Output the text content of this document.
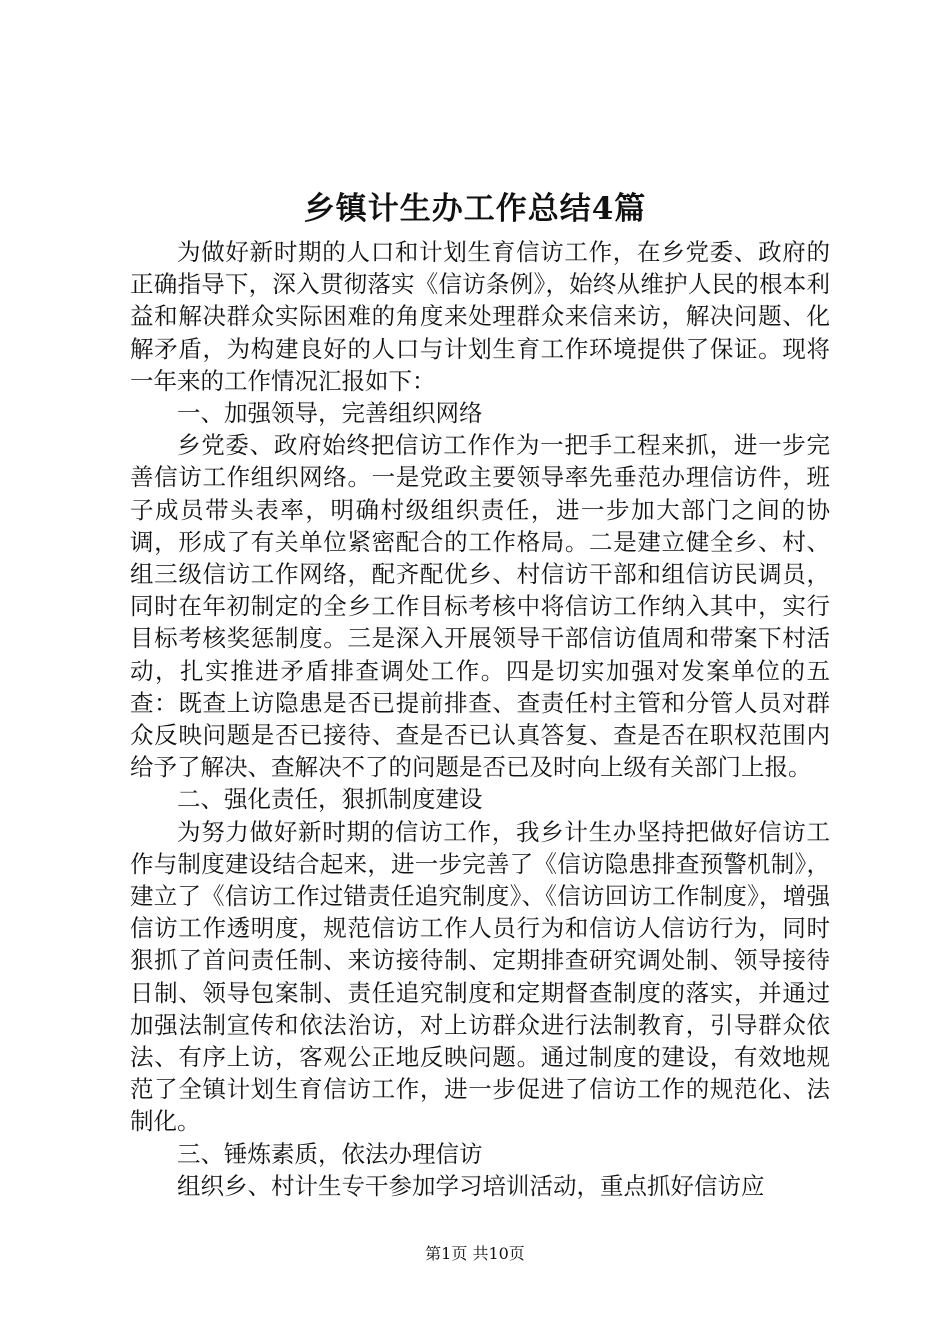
乡镇计生办工作总结4篇

为做好新时期的人口和计划生育信访工作，在乡党委、政府的正确指导下，深入贯彻落实《信访条例》，始终从维护人民的根本利益和解决群众实际困难的角度来处理群众来信来访，解决问题、化解矛盾，为构建良好的人口与计划生育工作环境提供了保证。现将一年来的工作情况汇报如下：

一、加强领导，完善组织网络

乡党委、政府始终把信访工作作为一把手工程来抓，进一步完善信访工作组织网络。一是党政主要领导率先垂范办理信访件，班子成员带头表率，明确村级组织责任，进一步加大部门之间的协调，形成了有关单位紧密配合的工作格局。二是建立健全乡、村、组三级信访工作网络，配齐配优乡、村信访干部和组信访民调员，同时在年初制定的全乡工作目标考核中将信访工作纳入其中，实行目标考核奖惩制度。三是深入开展领导干部信访值周和带案下村活动，扎实推进矛盾排查调处工作。四是切实加强对发案单位的五查：既查上访隐患是否已提前排查、查责任村主管和分管人员对群众反映问题是否已接待、查是否已认真答复、查是否在职权范围内给予了解决、查解决不了的问题是否已及时向上级有关部门上报。

二、强化责任，狠抓制度建设

为努力做好新时期的信访工作，我乡计生办坚持把做好信访工作与制度建设结合起来，进一步完善了《信访隐患排查预警机制》，建立了《信访工作过错责任追究制度》、《信访回访工作制度》，增强信访工作透明度，规范信访工作人员行为和信访人信访行为，同时狠抓了首问责任制、来访接待制、定期排查研究调处制、领导接待日制、领导包案制、责任追究制度和定期督查制度的落实，并通过加强法制宣传和依法治访，对上访群众进行法制教育，引导群众依法、有序上访，客观公正地反映问题。通过制度的建设，有效地规范了全镇计划生育信访工作，进一步促进了信访工作的规范化、法制化。

三、锤炼素质，依法办理信访

组织乡、村计生专干参加学习培训活动，重点抓好信访应

第1页 共10页
